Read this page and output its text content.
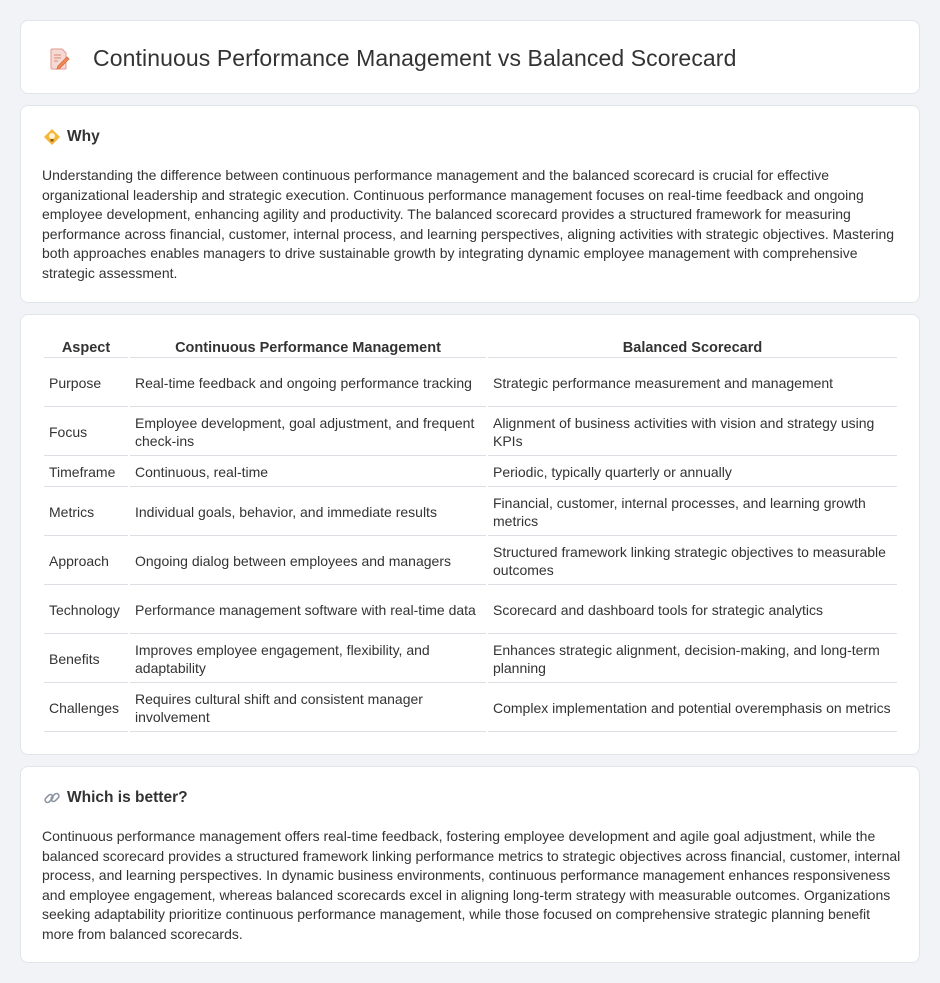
Continuous Performance Management vs Balanced Scorecard
Why

Understanding the difference between continuous performance management and the balanced scorecard is crucial for effective organizational leadership and strategic execution. Continuous performance management focuses on real-time feedback and ongoing employee development, enhancing agility and productivity. The balanced scorecard provides a structured framework for measuring performance across financial, customer, internal process, and learning perspectives, aligning activities with strategic objectives. Mastering both approaches enables managers to drive sustainable growth by integrating dynamic employee management with comprehensive strategic assessment.

Aspect	Continuous Performance Management	Balanced Scorecard
Purpose	Real-time feedback and ongoing performance tracking	Strategic performance measurement and management
Focus	Employee development, goal adjustment, and frequent check-ins	Alignment of business activities with vision and strategy using KPIs
Timeframe	Continuous, real-time	Periodic, typically quarterly or annually
Metrics	Individual goals, behavior, and immediate results	Financial, customer, internal processes, and learning growth metrics
Approach	Ongoing dialog between employees and managers	Structured framework linking strategic objectives to measurable outcomes
Technology	Performance management software with real-time data	Scorecard and dashboard tools for strategic analytics
Benefits	Improves employee engagement, flexibility, and adaptability	Enhances strategic alignment, decision-making, and long-term planning
Challenges	Requires cultural shift and consistent manager involvement	Complex implementation and potential overemphasis on metrics
Which is better?

Continuous performance management offers real-time feedback, fostering employee development and agile goal adjustment, while the balanced scorecard provides a structured framework linking performance metrics to strategic objectives across financial, customer, internal process, and learning perspectives. In dynamic business environments, continuous performance management enhances responsiveness and employee engagement, whereas balanced scorecards excel in aligning long-term strategy with measurable outcomes. Organizations seeking adaptability prioritize continuous performance management, while those focused on comprehensive strategic planning benefit more from balanced scorecards.
